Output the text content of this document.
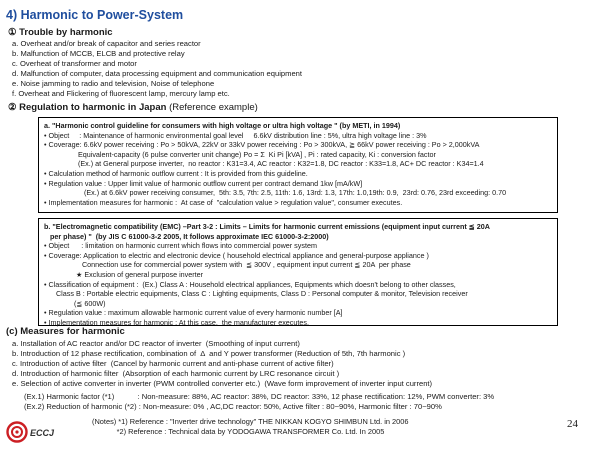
4) Harmonic to Power-System
① Trouble by harmonic
a. Overheat and/or break of capacitor and series reactor
b. Malfunction of MCCB, ELCB and protective relay
c. Overheat of transformer and motor
d. Malfunction of computer, data processing equipment and communication equipment
e. Noise jamming to radio and television, Noise of telephone
f. Overheat and Flickering of fluorescent lamp, mercury lamp etc.
② Regulation to harmonic in Japan (Reference example)
a. "Harmonic control guideline for consumers with high voltage or ultra high voltage " (by METI, in 1994)
• Object     : Maintenance of harmonic environmental goal level     6.6kV distribution line : 5%, ultra high voltage line : 3%
• Coverage: 6.6kV power receiving : Po > 50kVA, 22kV or 33kV power receiving : Po > 300kVA, ≧ 66kV power receiving : Po > 2,000kVA
Equivalent-capacity (6 pulse converter unit change) Po = Σ  Ki Pi [kVA] , Pi : rated capacity, Ki : conversion factor
(Ex.) at General purpose inverter,  no reactor : K31=3.4, AC reactor : K32=1.8, DC reactor : K33=1.8, AC+ DC reactor : K34=1.4
• Calculation method of harmonic outflow current : It is provided from this guideline.
• Regulation value : Upper limit value of harmonic outflow current per contract demand 1kw [mA/kW]
(Ex.) at 6.6kV power receiving consumer,  5th: 3.5, 7th: 2.5, 11th: 1.6, 13rd: 1.3, 17th: 1.0,19th: 0.9,  23rd: 0.76, 23rd exceeding: 0.70
• Implementation measures for harmonic :  At case of  "calculation value > regulation value", consumer executes.
b. "Electromagnetic compatibility (EMC) –Part 3-2 : Limits – Limits for harmonic current emissions (equipment input current ≦ 20A
per phase) "  (by JIS C 61000-3-2 2005, It follows approximate IEC 61000-3-2:2000)
• Object      : limitation on harmonic current which flows into commercial power system
• Coverage: Application to electric and electronic device ( household electrical appliance and general-purpose appliance )
Connection use for commercial power system with  ≦ 300V , equipment input current ≦ 20A  per phase
★ Exclusion of general purpose inverter
• Classification of equipment :  (Ex.) Class A : Household electrical appliances, Equipments which doesn't belong to other classes,
Class B : Portable electric equipments, Class C : Lighting equipments, Class D : Personal computer & monitor, Television receiver
(≦ 600W)
• Regulation value : maximum allowable harmonic current value of every harmonic number [A]
• Implementation measures for harmonic : At this case,  the manufacturer executes.
(c) Measures for harmonic
a. Installation of AC reactor and/or DC reactor of inverter  (Smoothing of input current)
b. Introduction of 12 phase rectification, combination of  Δ  and Y power transformer (Reduction of 5th, 7th harmonic )
c. Introduction of active filter  (Cancel by harmonic current and anti-phase current of active filter)
d. Introduction of harmonic filter  (Absorption of each harmonic current by LRC resonance circuit )
e. Selection of active converter in inverter (PWM controlled converter etc.)  (Wave form improvement of inverter input current)
(Ex.1) Harmonic factor (*1)           : Non-measure: 88%, AC reactor: 38%, DC reactor: 33%, 12 phase rectification: 12%, PWM converter: 3%
(Ex.2) Reduction of harmonic (*2) : Non-measure: 0% , AC,DC reactor: 50%, Active filter : 80~90%, Harmonic filter : 70~90%
(Notes) *1) Reference : "Inverter drive technology" THE NIKKAN KOGYO SHIMBUN Ltd. in 2006
*2) Reference : Technical data by YODOGAWA TRANSFORMER Co. Ltd. In 2005
ECCJ
24
